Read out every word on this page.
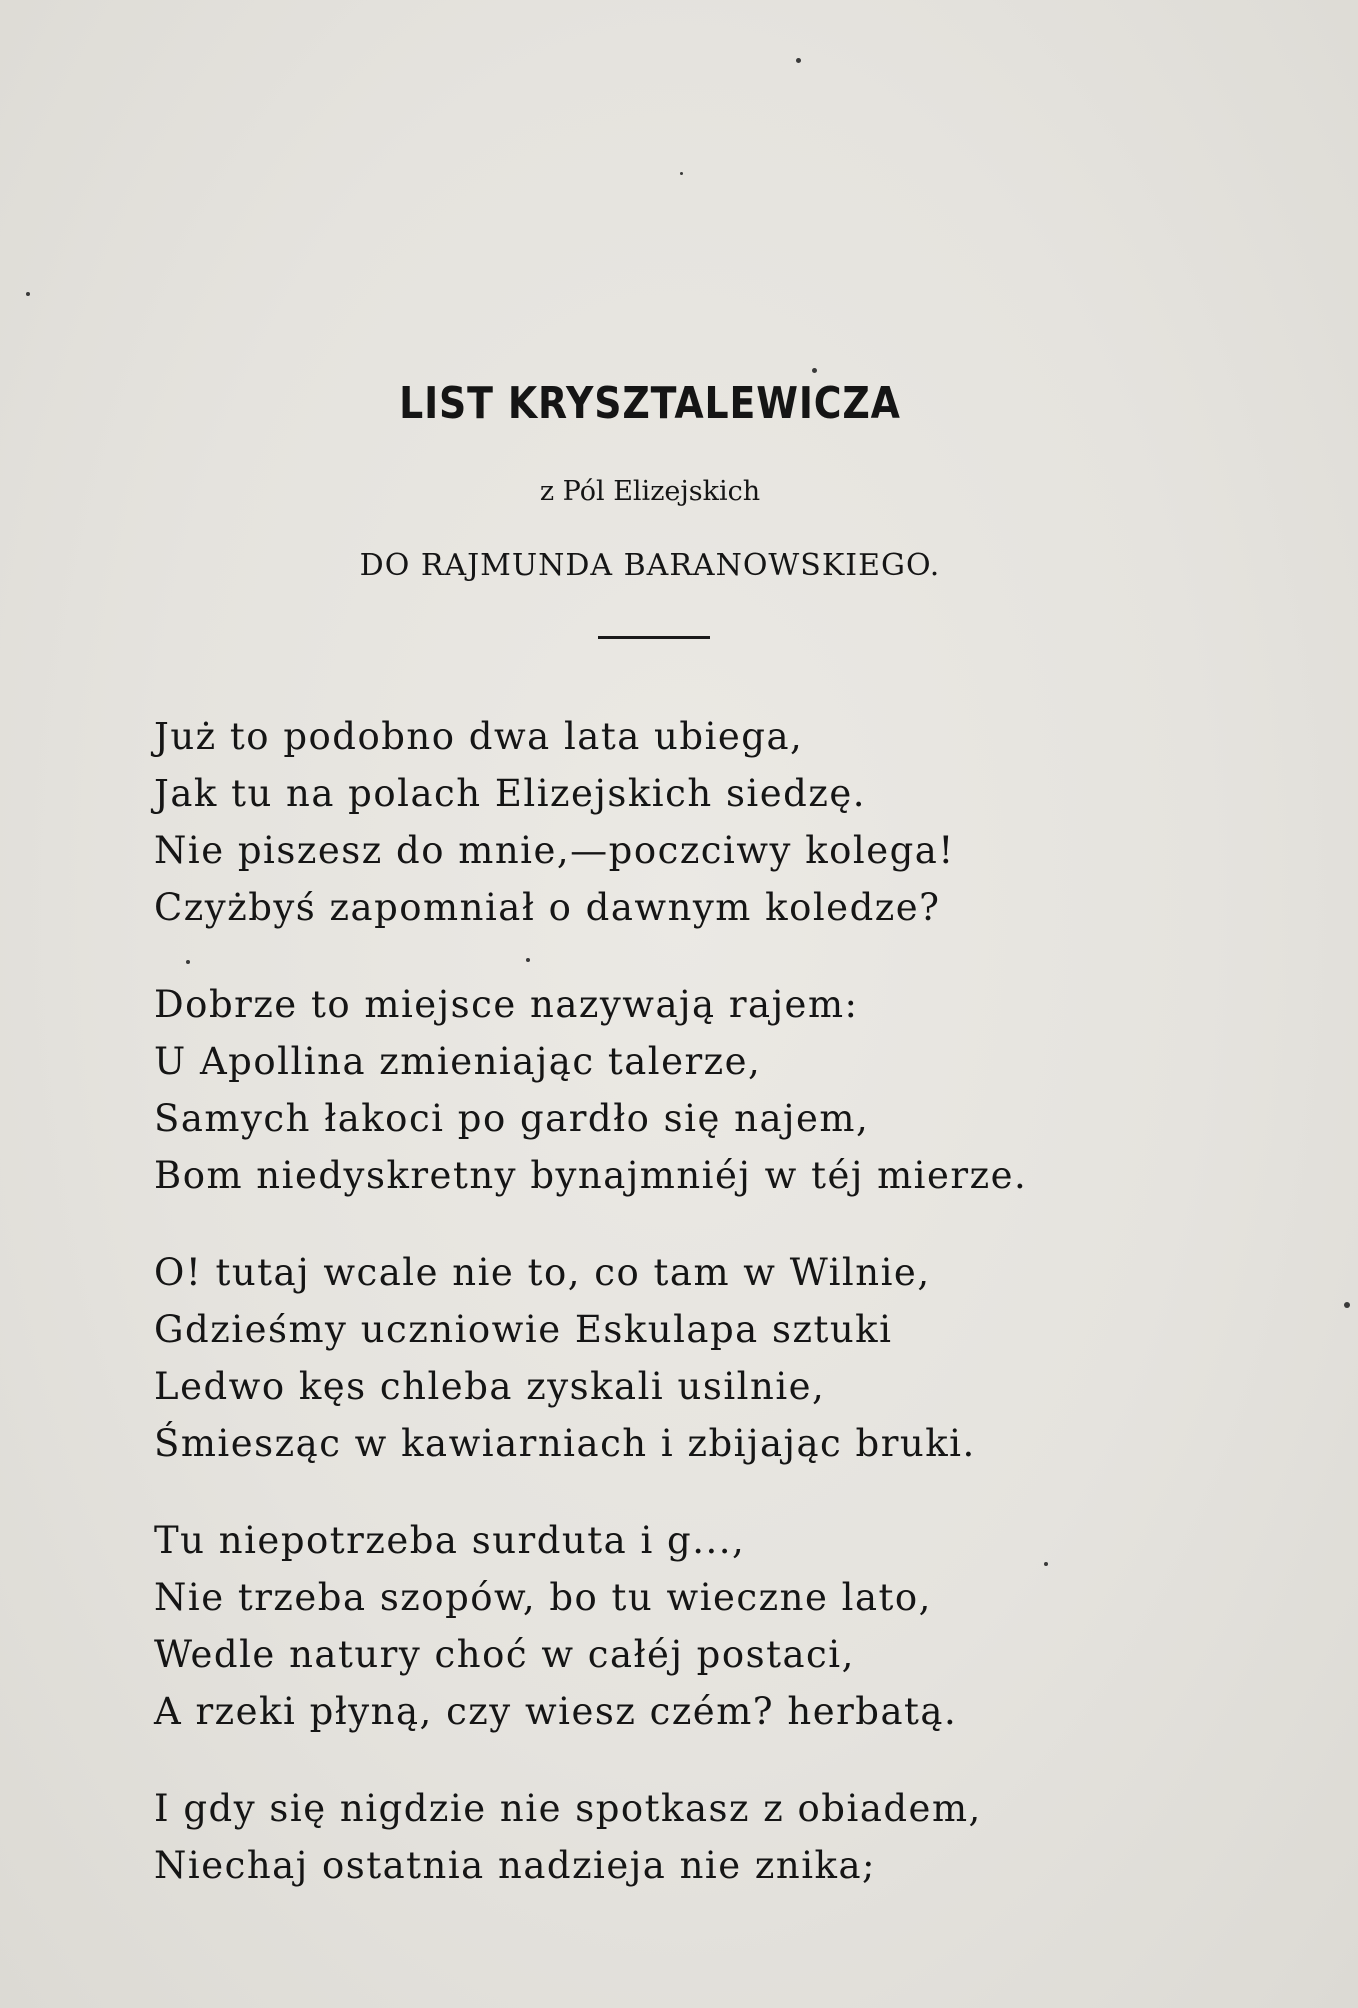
LIST KRYSZTALEWICZA
z Pól Elizejskich
DO RAJMUNDA BARANOWSKIEGO.
Już to podobno dwa lata ubiega,
Jak tu na polach Elizejskich siedzę.
Nie piszesz do mnie,—poczciwy kolega!
Czyżbyś zapomniał o dawnym koledze?
Dobrze to miejsce nazywają rajem:
U Apollina zmieniając talerze,
Samych łakoci po gardło się najem,
Bom niedyskretny bynajmniéj w téj mierze.
O! tutaj wcale nie to, co tam w Wilnie,
Gdzieśmy uczniowie Eskulapa sztuki
Ledwo kęs chleba zyskali usilnie,
Śmiesząc w kawiarniach i zbijając bruki.
Tu niepotrzeba surduta i g...,
Nie trzeba szopów, bo tu wieczne lato,
Wedle natury choć w całéj postaci,
A rzeki płyną, czy wiesz czém? herbatą.
I gdy się nigdzie nie spotkasz z obiadem,
Niechaj ostatnia nadzieja nie znika;
